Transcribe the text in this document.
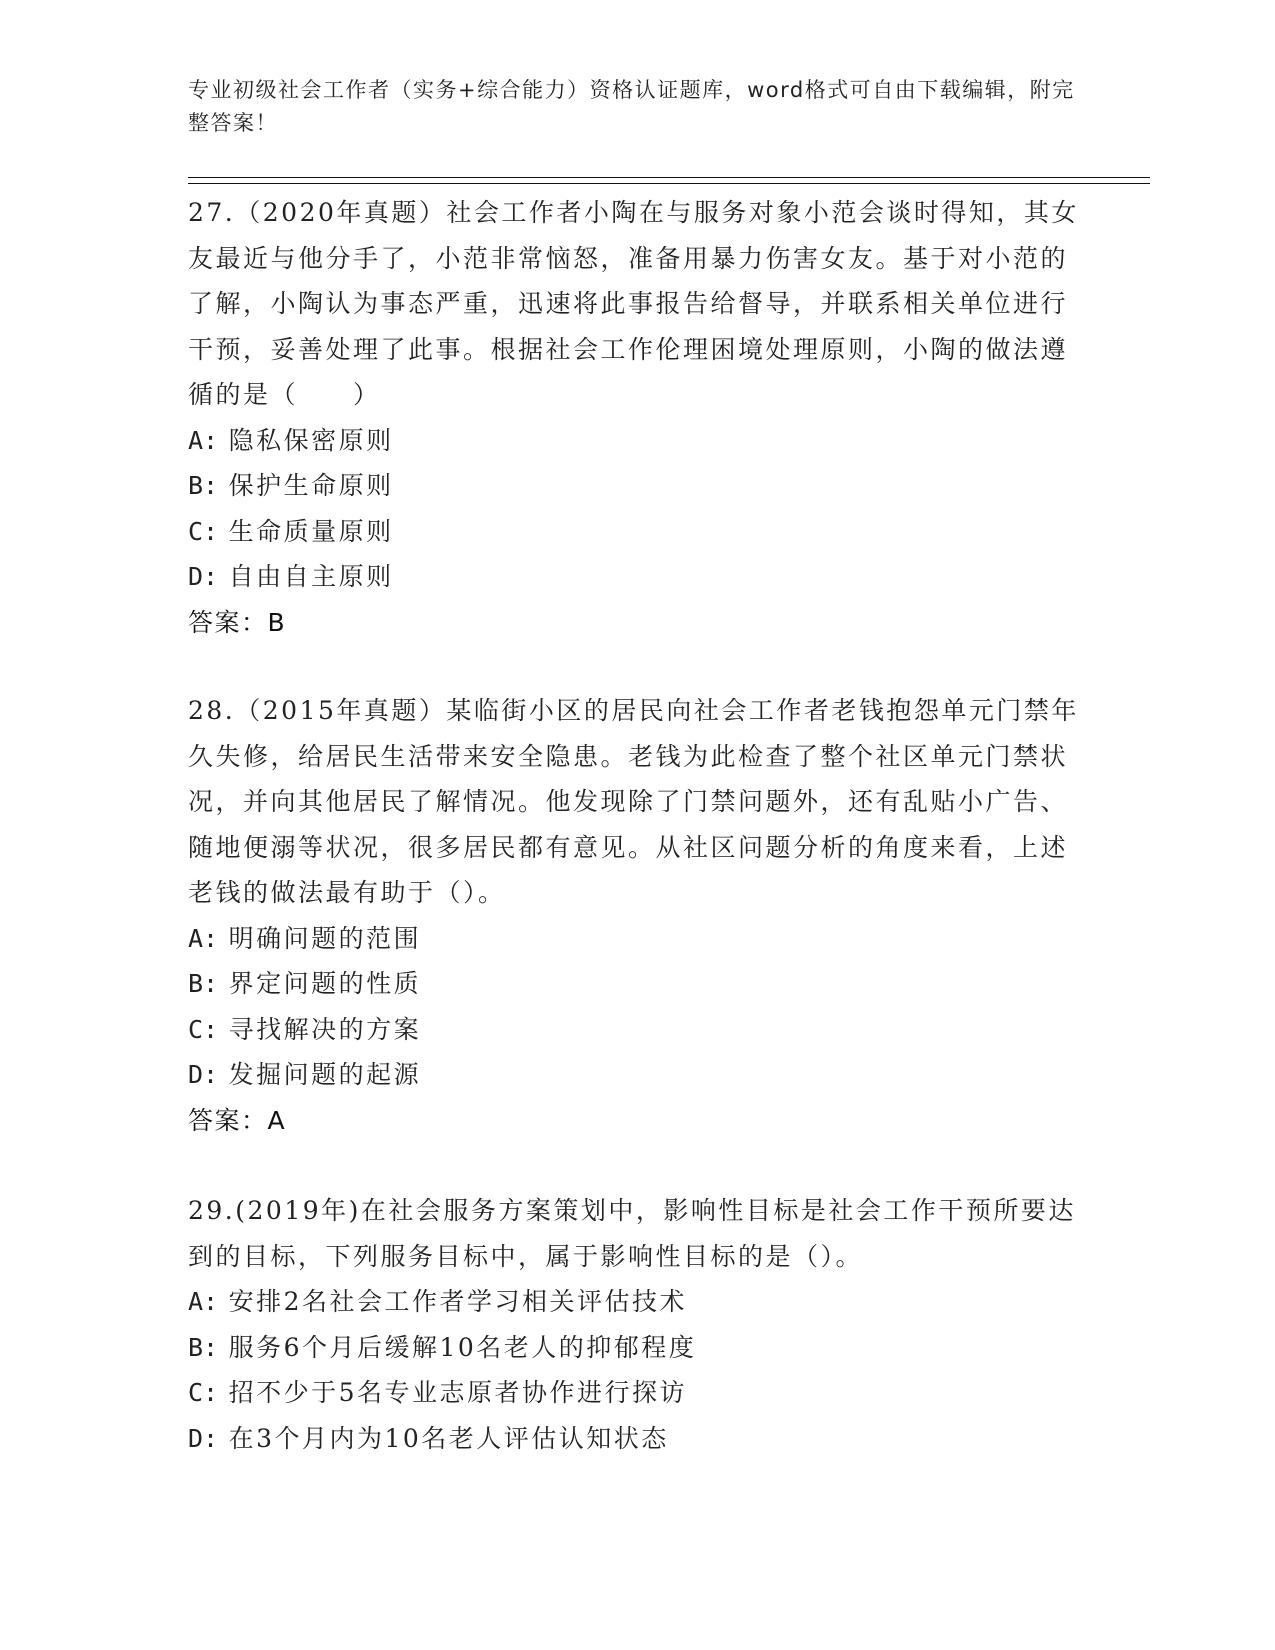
专业初级社会工作者（实务+综合能力）资格认证题库，word格式可自由下载编辑，附完整答案！

27.（2020年真题）社会工作者小陶在与服务对象小范会谈时得知，其女友最近与他分手了，小范非常恼怒，准备用暴力伤害女友。基于对小范的了解，小陶认为事态严重，迅速将此事报告给督导，并联系相关单位进行干预，妥善处理了此事。根据社会工作伦理困境处理原则，小陶的做法遵循的是（　　）

A: 隐私保密原则

B: 保护生命原则

C: 生命质量原则

D: 自由自主原则

答案：B

28.（2015年真题）某临街小区的居民向社会工作者老钱抱怨单元门禁年久失修，给居民生活带来安全隐患。老钱为此检查了整个社区单元门禁状况，并向其他居民了解情况。他发现除了门禁问题外，还有乱贴小广告、随地便溺等状况，很多居民都有意见。从社区问题分析的角度来看，上述老钱的做法最有助于（）。

A: 明确问题的范围

B: 界定问题的性质

C: 寻找解决的方案

D: 发掘问题的起源

答案：A

29.(2019年)在社会服务方案策划中，影响性目标是社会工作干预所要达到的目标，下列服务目标中，属于影响性目标的是（）。

A: 安排2名社会工作者学习相关评估技术

B: 服务6个月后缓解10名老人的抑郁程度

C: 招不少于5名专业志原者协作进行探访

D: 在3个月内为10名老人评估认知状态
